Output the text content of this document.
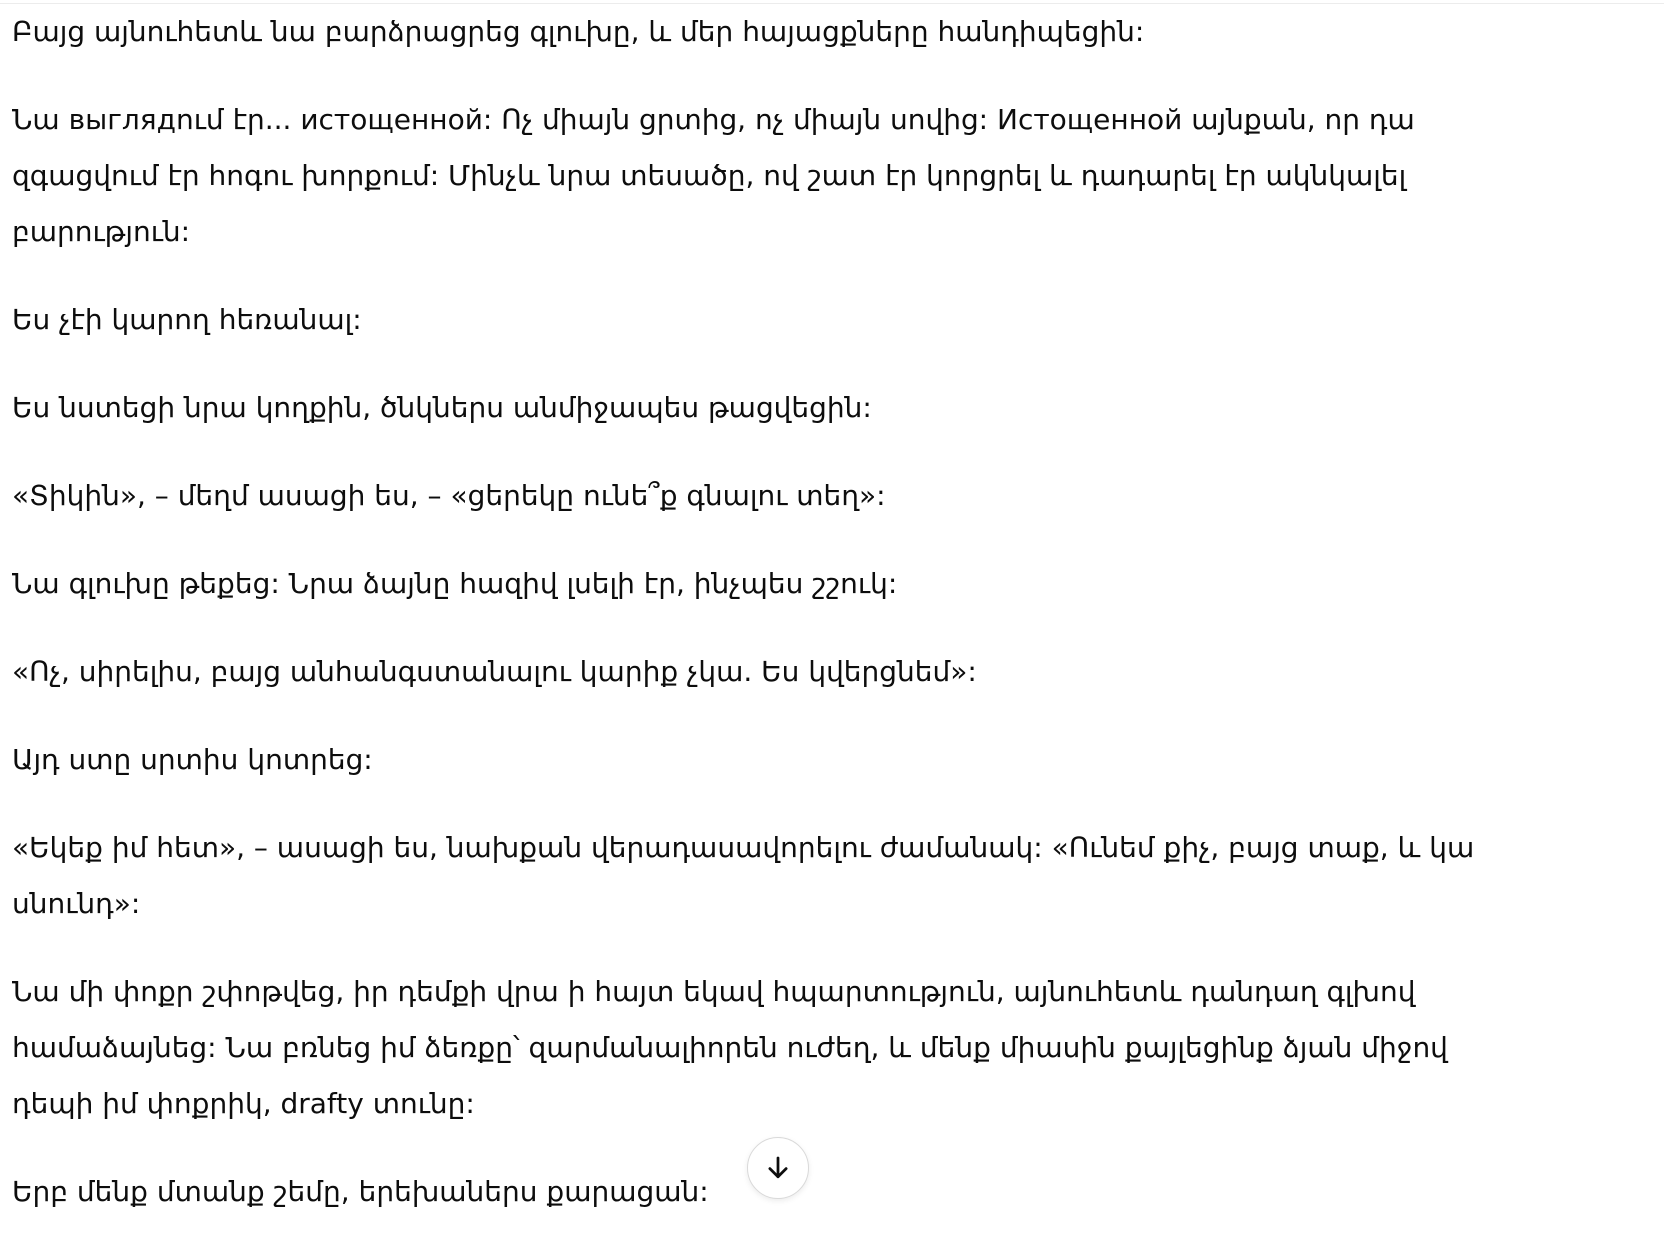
Բայց այնուհետև նա բարձրացրեց գլուխը, և մեր հայացքները հանդիպեցին:

Նա выглядում էր... истощенной: Ոչ միայն ցրտից, ոչ միայն սովից: Истощенной այնքան, որ դա զգացվում էր հոգու խորքում: Մինչև նրա տեսածը, ով շատ էր կորցրել և դադարել էր ակնկալել բարություն:

Ես չէի կարող հեռանալ:

Ես նստեցի նրա կողքին, ծնկներս անմիջապես թացվեցին:

«Տիկին», – մեղմ ասացի ես, – «ցերեկը ունե՞ք գնալու տեղ»:

Նա գլուխը թեքեց: Նրա ձայնը հազիվ լսելի էր, ինչպես շշուկ:

«Ոչ, սիրելիս, բայց անհանգստանալու կարիք չկա. Ես կվերցնեմ»:

Այդ ստը սրտիս կոտրեց:

«Եկեք իմ հետ», – ասացի ես, նախքան վերադասավորելու ժամանակ: «Ունեմ քիչ, բայց տաք, և կա սնունդ»:

Նա մի փոքր շփոթվեց, իր դեմքի վրա ի հայտ եկավ հպարտություն, այնուհետև դանդաղ գլխով համաձայնեց: Նա բռնեց իմ ձեռքը՝ զարմանալիորեն ուժեղ, և մենք միասին քայլեցինք ձյան միջով դեպի իմ փոքրիկ, drafty տունը:

Երբ մենք մտանք շեմը, երեխաներս քարացան:
